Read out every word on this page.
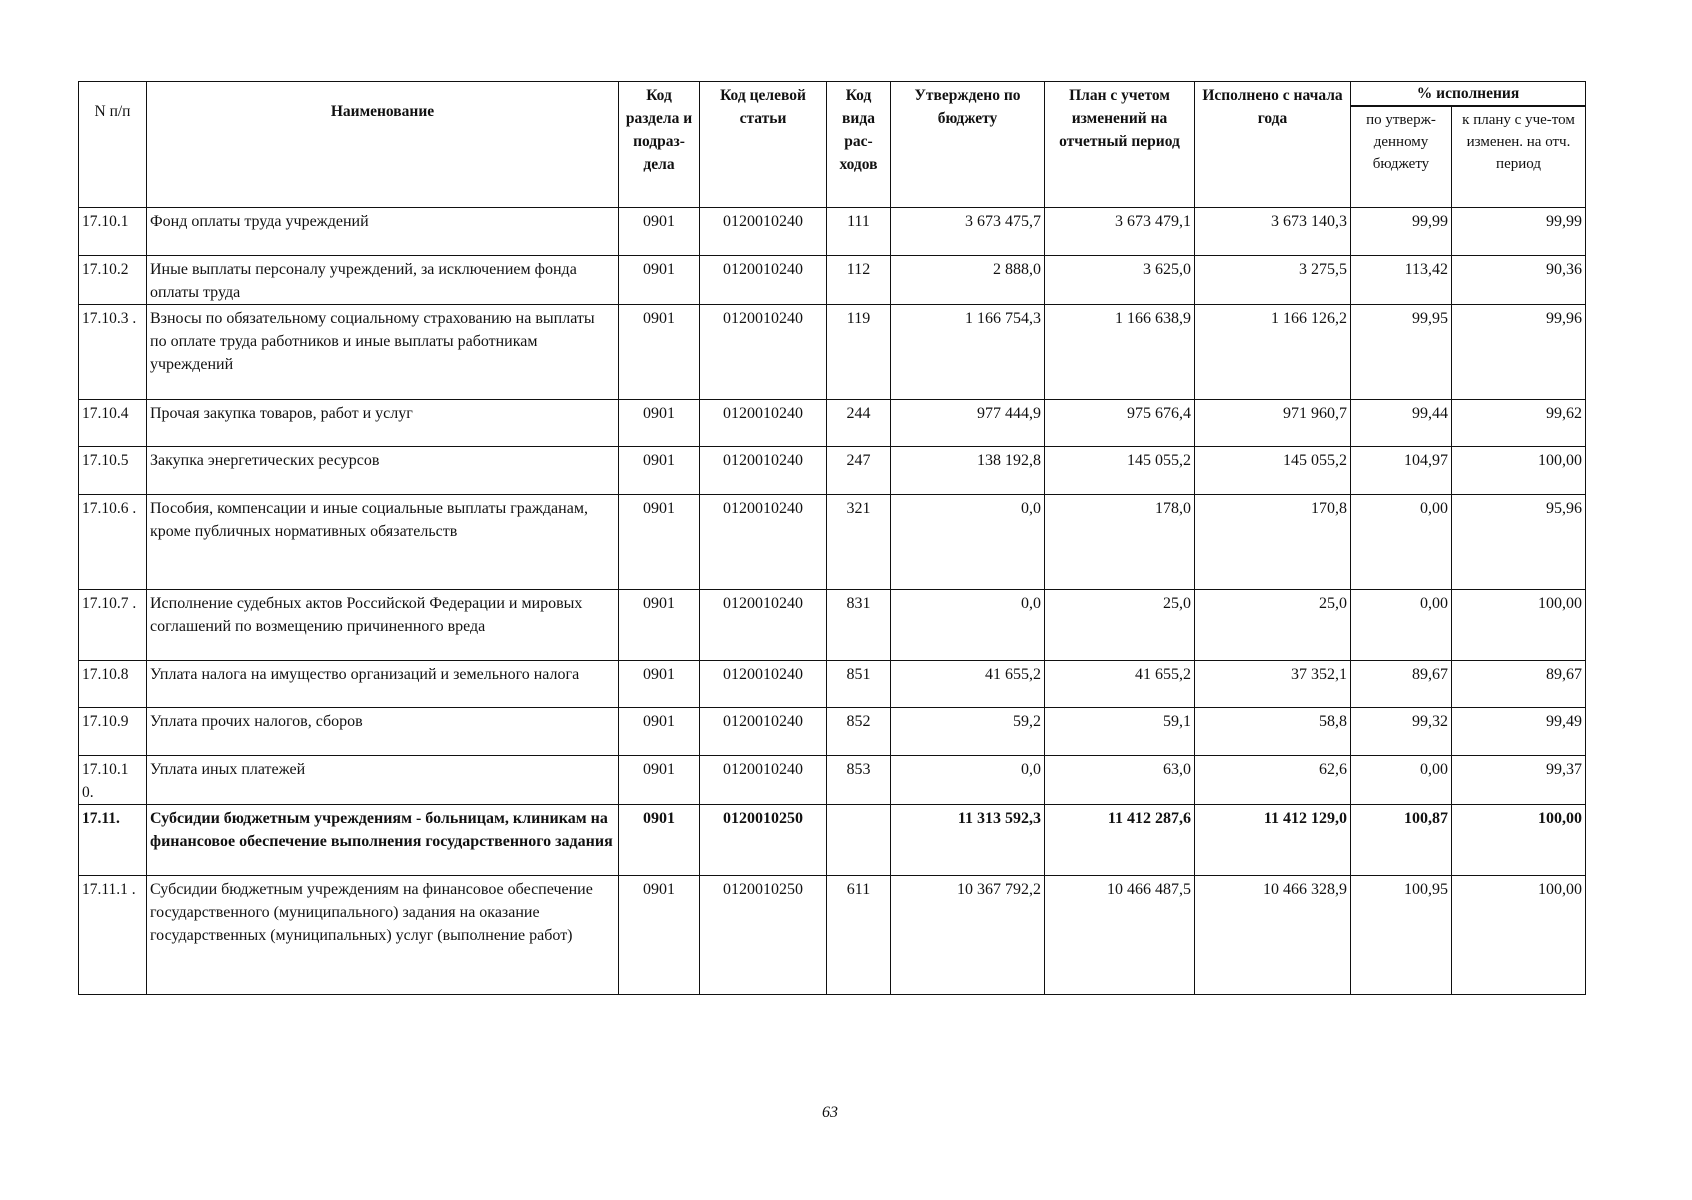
N п/п	Наименование	Код раздела и подраз-дела	Код целевой статьи	Код вида рас-ходов	Утверждено по бюджету	План с учетом изменений на отчетный период	Исполнено с начала года	% исполнения	
								по утверж-денному бюджету	к плану с уче-том изменен. на отч. период
17.10.1	Фонд оплаты труда учреждений	0901	0120010240	111	3 673 475,7	3 673 479,1	3 673 140,3	99,99	99,99
17.10.2	Иные выплаты персоналу учреждений, за исключением фонда оплаты труда	0901	0120010240	112	2 888,0	3 625,0	3 275,5	113,42	90,36
17.10.3 .	Взносы по обязательному социальному страхованию на выплаты по оплате труда работников и иные выплаты работникам учреждений	0901	0120010240	119	1 166 754,3	1 166 638,9	1 166 126,2	99,95	99,96
17.10.4	Прочая закупка товаров, работ и услуг	0901	0120010240	244	977 444,9	975 676,4	971 960,7	99,44	99,62
17.10.5	Закупка энергетических ресурсов	0901	0120010240	247	138 192,8	145 055,2	145 055,2	104,97	100,00
17.10.6 .	Пособия, компенсации и иные социальные выплаты гражданам, кроме публичных нормативных обязательств	0901	0120010240	321	0,0	178,0	170,8	0,00	95,96
17.10.7 .	Исполнение судебных актов Российской Федерации и мировых соглашений по возмещению причиненного вреда	0901	0120010240	831	0,0	25,0	25,0	0,00	100,00
17.10.8	Уплата налога на имущество организаций и земельного налога	0901	0120010240	851	41 655,2	41 655,2	37 352,1	89,67	89,67
17.10.9	Уплата прочих налогов, сборов	0901	0120010240	852	59,2	59,1	58,8	99,32	99,49
17.10.1 0.	Уплата иных платежей	0901	0120010240	853	0,0	63,0	62,6	0,00	99,37
17.11.	Субсидии бюджетным учреждениям - больницам, клиникам на финансовое обеспечение выполнения государственного задания	0901	0120010250		11 313 592,3	11 412 287,6	11 412 129,0	100,87	100,00
17.11.1 .	Субсидии бюджетным учреждениям на финансовое обеспечение государственного (муниципального) задания на оказание государственных (муниципальных) услуг (выполнение работ)	0901	0120010250	611	10 367 792,2	10 466 487,5	10 466 328,9	100,95	100,00
63
